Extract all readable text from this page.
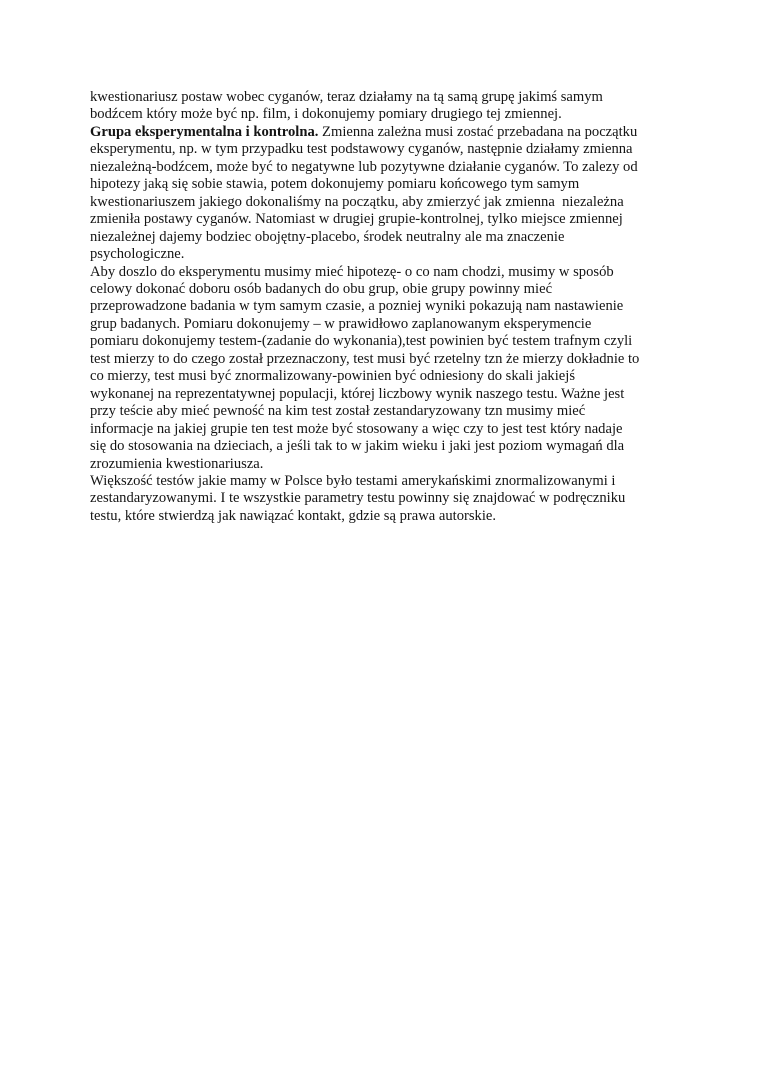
kwestionariusz postaw wobec cyganów, teraz działamy na tą samą grupę jakimś samym
bodźcem który może być np. film, i dokonujemy pomiary drugiego tej zmiennej.
Grupa eksperymentalna i kontrolna. Zmienna zależna musi zostać przebadana na początku
eksperymentu, np. w tym przypadku test podstawowy cyganów, następnie działamy zmienna
niezależną-bodźcem, może być to negatywne lub pozytywne działanie cyganów. To zalezy od
hipotezy jaką się sobie stawia, potem dokonujemy pomiaru końcowego tym samym
kwestionariuszem jakiego dokonaliśmy na początku, aby zmierzyć jak zmienna  niezależna
zmieniła postawy cyganów. Natomiast w drugiej grupie-kontrolnej, tylko miejsce zmiennej
niezależnej dajemy bodziec obojętny-placebo, środek neutralny ale ma znaczenie
psychologiczne.
Aby doszlo do eksperymentu musimy mieć hipotezę- o co nam chodzi, musimy w sposób
celowy dokonać doboru osób badanych do obu grup, obie grupy powinny mieć
przeprowadzone badania w tym samym czasie, a pozniej wyniki pokazują nam nastawienie
grup badanych. Pomiaru dokonujemy – w prawidłowo zaplanowanym eksperymencie
pomiaru dokonujemy testem-(zadanie do wykonania),test powinien być testem trafnym czyli
test mierzy to do czego został przeznaczony, test musi być rzetelny tzn że mierzy dokładnie to
co mierzy, test musi być znormalizowany-powinien być odniesiony do skali jakiejś
wykonanej na reprezentatywnej populacji, której liczbowy wynik naszego testu. Ważne jest
przy teście aby mieć pewność na kim test został zestandaryzowany tzn musimy mieć
informacje na jakiej grupie ten test może być stosowany a więc czy to jest test który nadaje
się do stosowania na dzieciach, a jeśli tak to w jakim wieku i jaki jest poziom wymagań dla
zrozumienia kwestionariusza.
Większość testów jakie mamy w Polsce było testami amerykańskimi znormalizowanymi i
zestandaryzowanymi. I te wszystkie parametry testu powinny się znajdować w podręczniku
testu, które stwierdzą jak nawiązać kontakt, gdzie są prawa autorskie.
